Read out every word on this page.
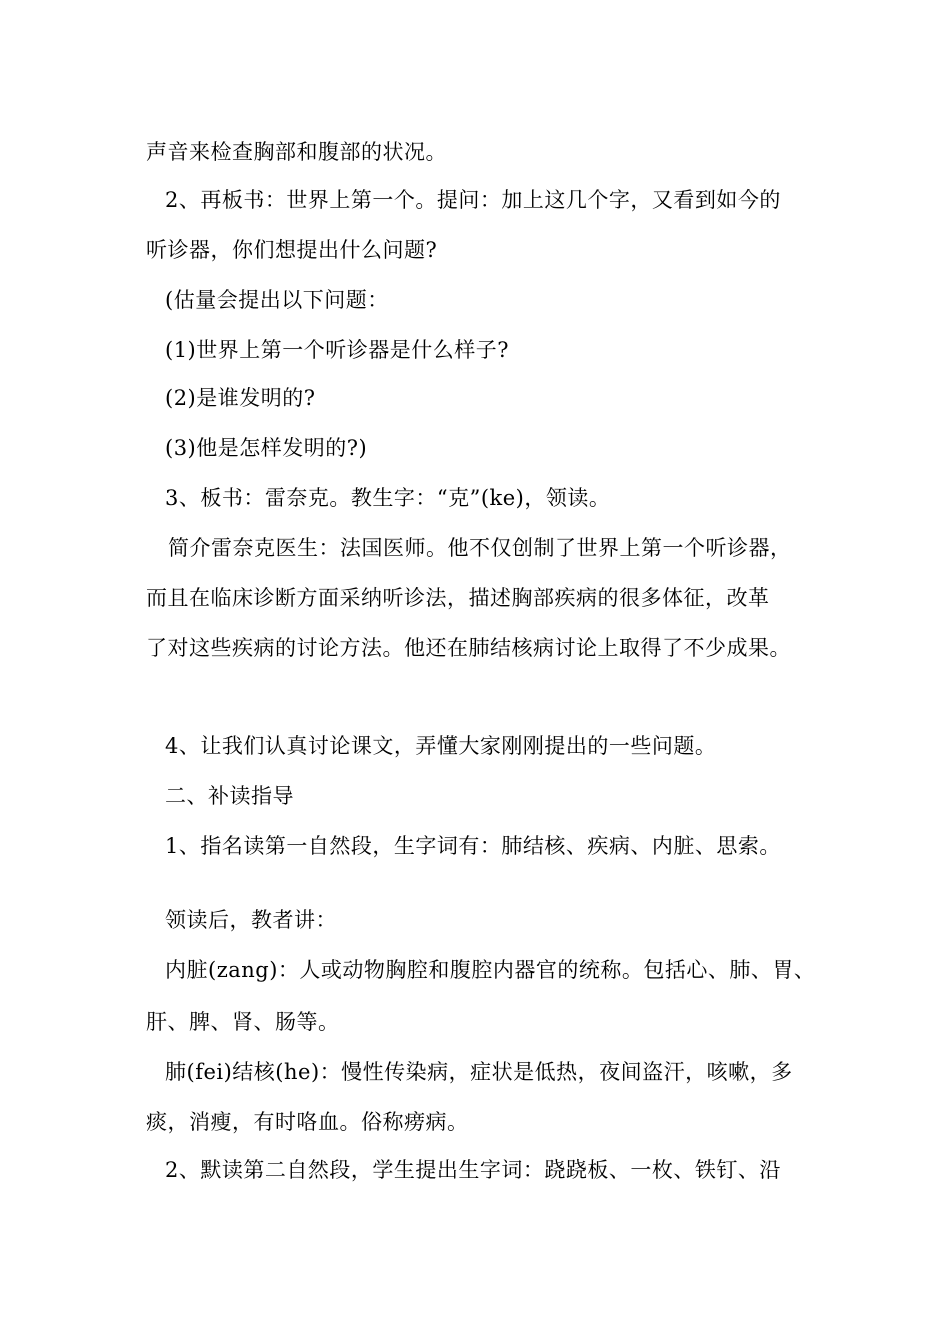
声音来检查胸部和腹部的状况。
2、再板书：世界上第一个。提问：加上这几个字，又看到如今的
听诊器，你们想提出什么问题?
(估量会提出以下问题：
(1)世界上第一个听诊器是什么样子?
(2)是谁发明的?
(3)他是怎样发明的?)
3、板书：雷奈克。教生字：“克”(ke)，领读。
简介雷奈克医生：法国医师。他不仅创制了世界上第一个听诊器，
而且在临床诊断方面采纳听诊法，描述胸部疾病的很多体征，改革
了对这些疾病的讨论方法。他还在肺结核病讨论上取得了不少成果。
4、让我们认真讨论课文，弄懂大家刚刚提出的一些问题。
二、补读指导
1、指名读第一自然段，生字词有：肺结核、疾病、内脏、思索。
领读后，教者讲：
内脏(zang)：人或动物胸腔和腹腔内器官的统称。包括心、肺、胃、
肝、脾、肾、肠等。
肺(fei)结核(he)：慢性传染病，症状是低热，夜间盗汗，咳嗽，多
痰，消瘦，有时咯血。俗称痨病。
2、默读第二自然段，学生提出生字词：跷跷板、一枚、铁钉、沿
